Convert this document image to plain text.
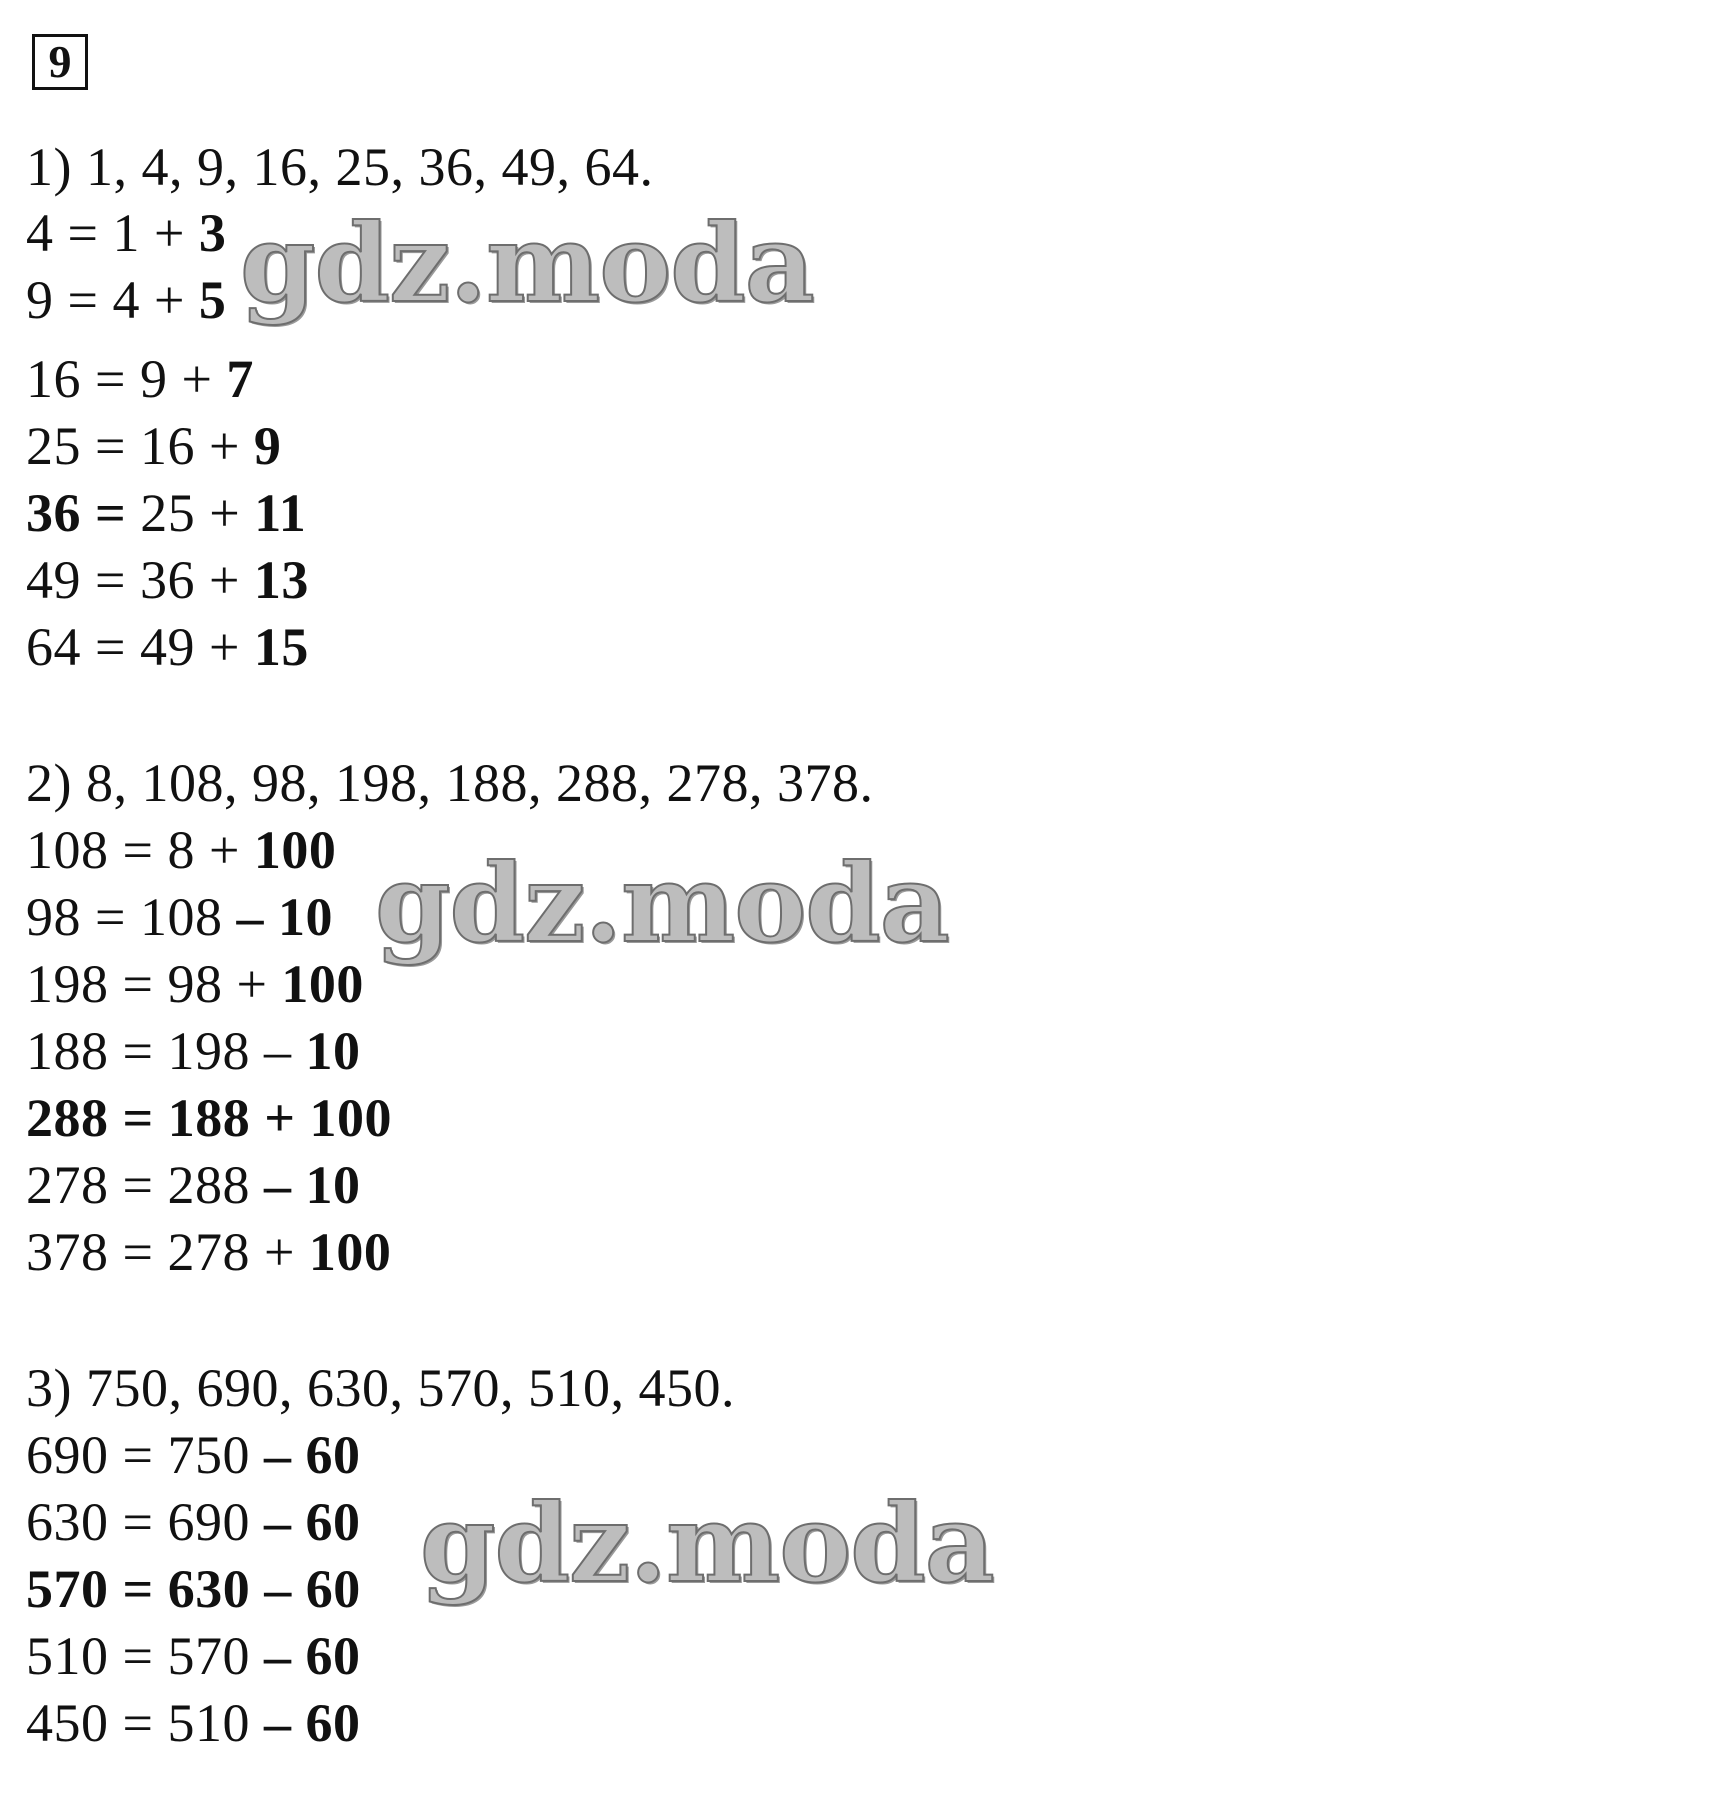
9
1) 1, 4, 9, 16, 25, 36, 49, 64.
4 = 1 + 3
9 = 4 + 5
16 = 9 + 7
25 = 16 + 9
36 = 25 + 11
49 = 36 + 13
64 = 49 + 15
2) 8, 108, 98, 198, 188, 288, 278, 378.
108 = 8 + 100
98 = 108 – 10
198 = 98 + 100
188 = 198 – 10
288 = 188 + 100
278 = 288 – 10
378 = 278 + 100
3) 750, 690, 630, 570, 510, 450.
690 = 750 – 60
630 = 690 – 60
570 = 630 – 60
510 = 570 – 60
450 = 510 – 60
gdz.moda
gdz.moda
gdz.moda
